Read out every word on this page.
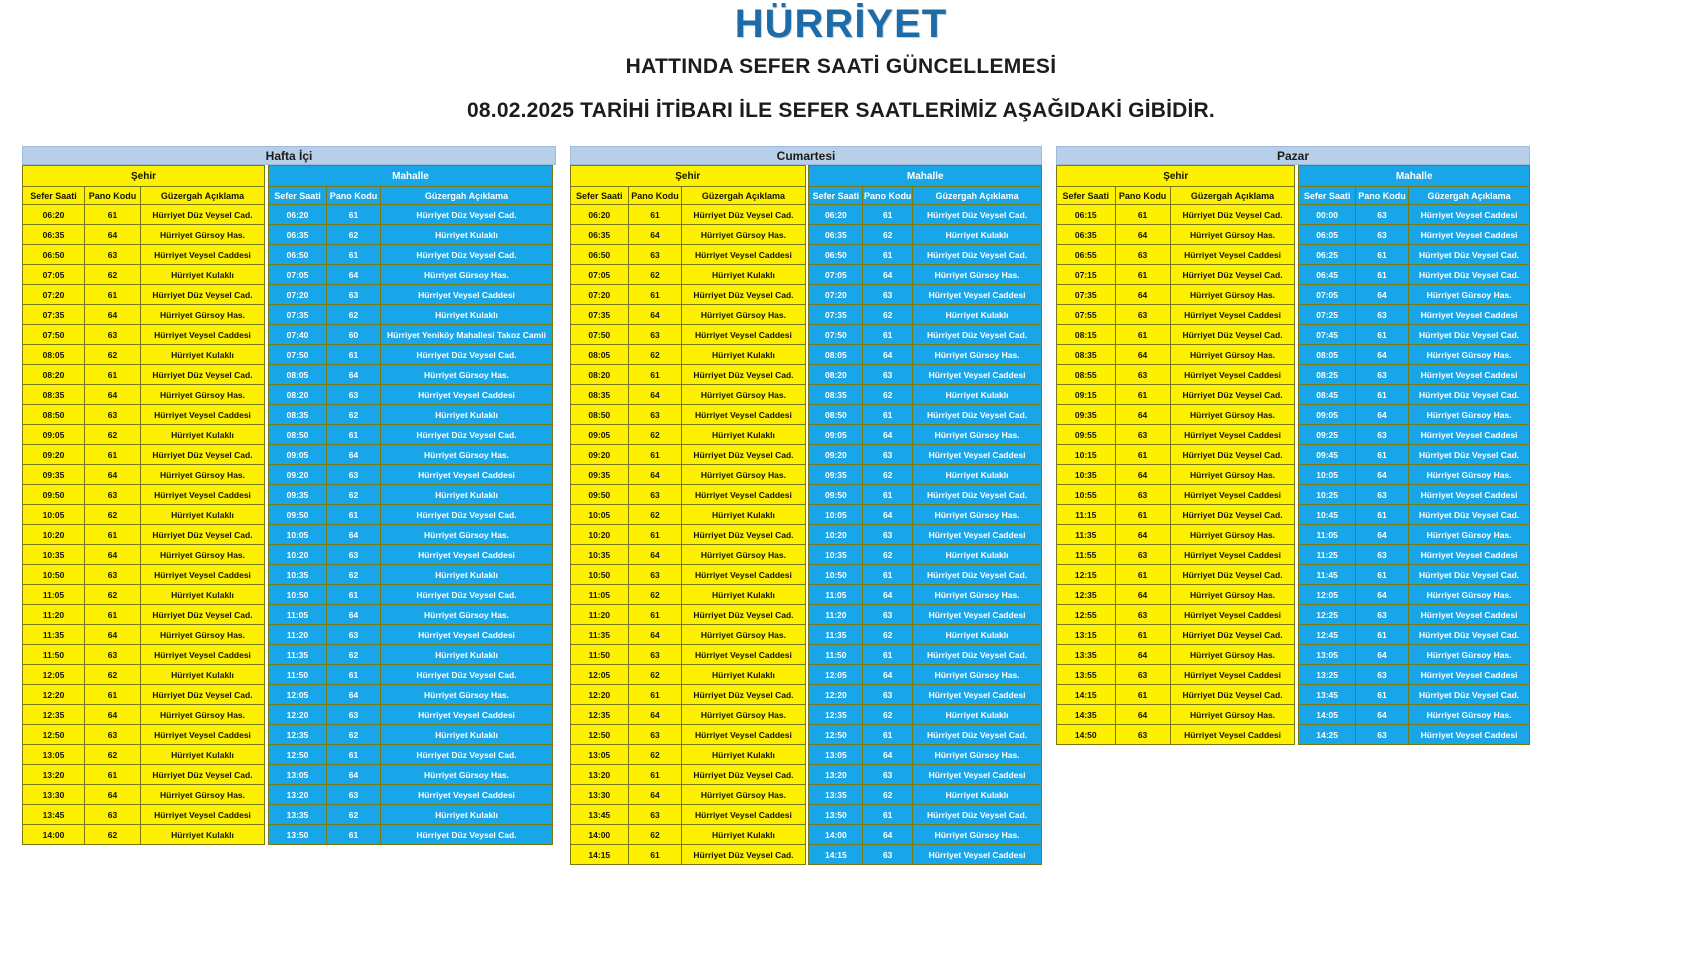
HÜRRİYET
HATTINDA SEFER SAATİ GÜNCELLEMESİ
08.02.2025 TARİHİ İTİBARI İLE SEFER SAATLERİMİZ AŞAĞIDAKİ GİBİDİR.
Hafta İçi
Şehir		
Sefer Saati	Pano Kodu	Güzergah Açıklama
06:20	61	Hürriyet Düz Veysel Cad.
06:35	64	Hürriyet Gürsoy Has.
06:50	63	Hürriyet Veysel Caddesi
07:05	62	Hürriyet Kulaklı
07:20	61	Hürriyet Düz Veysel Cad.
07:35	64	Hürriyet Gürsoy Has.
07:50	63	Hürriyet Veysel Caddesi
08:05	62	Hürriyet Kulaklı
08:20	61	Hürriyet Düz Veysel Cad.
08:35	64	Hürriyet Gürsoy Has.
08:50	63	Hürriyet Veysel Caddesi
09:05	62	Hürriyet Kulaklı
09:20	61	Hürriyet Düz Veysel Cad.
09:35	64	Hürriyet Gürsoy Has.
09:50	63	Hürriyet Veysel Caddesi
10:05	62	Hürriyet Kulaklı
10:20	61	Hürriyet Düz Veysel Cad.
10:35	64	Hürriyet Gürsoy Has.
10:50	63	Hürriyet Veysel Caddesi
11:05	62	Hürriyet Kulaklı
11:20	61	Hürriyet Düz Veysel Cad.
11:35	64	Hürriyet Gürsoy Has.
11:50	63	Hürriyet Veysel Caddesi
12:05	62	Hürriyet Kulaklı
12:20	61	Hürriyet Düz Veysel Cad.
12:35	64	Hürriyet Gürsoy Has.
12:50	63	Hürriyet Veysel Caddesi
13:05	62	Hürriyet Kulaklı
13:20	61	Hürriyet Düz Veysel Cad.
13:30	64	Hürriyet Gürsoy Has.
13:45	63	Hürriyet Veysel Caddesi
14:00	62	Hürriyet Kulaklı
Mahalle		
Sefer Saati	Pano Kodu	Güzergah Açıklama
06:20	61	Hürriyet Düz Veysel Cad.
06:35	62	Hürriyet Kulaklı
06:50	61	Hürriyet Düz Veysel Cad.
07:05	64	Hürriyet Gürsoy Has.
07:20	63	Hürriyet Veysel Caddesi
07:35	62	Hürriyet Kulaklı
07:40	60	Hürriyet Yeniköy Mahallesi Takoz Camii
07:50	61	Hürriyet Düz Veysel Cad.
08:05	64	Hürriyet Gürsoy Has.
08:20	63	Hürriyet Veysel Caddesi
08:35	62	Hürriyet Kulaklı
08:50	61	Hürriyet Düz Veysel Cad.
09:05	64	Hürriyet Gürsoy Has.
09:20	63	Hürriyet Veysel Caddesi
09:35	62	Hürriyet Kulaklı
09:50	61	Hürriyet Düz Veysel Cad.
10:05	64	Hürriyet Gürsoy Has.
10:20	63	Hürriyet Veysel Caddesi
10:35	62	Hürriyet Kulaklı
10:50	61	Hürriyet Düz Veysel Cad.
11:05	64	Hürriyet Gürsoy Has.
11:20	63	Hürriyet Veysel Caddesi
11:35	62	Hürriyet Kulaklı
11:50	61	Hürriyet Düz Veysel Cad.
12:05	64	Hürriyet Gürsoy Has.
12:20	63	Hürriyet Veysel Caddesi
12:35	62	Hürriyet Kulaklı
12:50	61	Hürriyet Düz Veysel Cad.
13:05	64	Hürriyet Gürsoy Has.
13:20	63	Hürriyet Veysel Caddesi
13:35	62	Hürriyet Kulaklı
13:50	61	Hürriyet Düz Veysel Cad.
Cumartesi
Şehir		
Sefer Saati	Pano Kodu	Güzergah Açıklama
06:20	61	Hürriyet Düz Veysel Cad.
06:35	64	Hürriyet Gürsoy Has.
06:50	63	Hürriyet Veysel Caddesi
07:05	62	Hürriyet Kulaklı
07:20	61	Hürriyet Düz Veysel Cad.
07:35	64	Hürriyet Gürsoy Has.
07:50	63	Hürriyet Veysel Caddesi
08:05	62	Hürriyet Kulaklı
08:20	61	Hürriyet Düz Veysel Cad.
08:35	64	Hürriyet Gürsoy Has.
08:50	63	Hürriyet Veysel Caddesi
09:05	62	Hürriyet Kulaklı
09:20	61	Hürriyet Düz Veysel Cad.
09:35	64	Hürriyet Gürsoy Has.
09:50	63	Hürriyet Veysel Caddesi
10:05	62	Hürriyet Kulaklı
10:20	61	Hürriyet Düz Veysel Cad.
10:35	64	Hürriyet Gürsoy Has.
10:50	63	Hürriyet Veysel Caddesi
11:05	62	Hürriyet Kulaklı
11:20	61	Hürriyet Düz Veysel Cad.
11:35	64	Hürriyet Gürsoy Has.
11:50	63	Hürriyet Veysel Caddesi
12:05	62	Hürriyet Kulaklı
12:20	61	Hürriyet Düz Veysel Cad.
12:35	64	Hürriyet Gürsoy Has.
12:50	63	Hürriyet Veysel Caddesi
13:05	62	Hürriyet Kulaklı
13:20	61	Hürriyet Düz Veysel Cad.
13:30	64	Hürriyet Gürsoy Has.
13:45	63	Hürriyet Veysel Caddesi
14:00	62	Hürriyet Kulaklı
14:15	61	Hürriyet Düz Veysel Cad.
Mahalle		
Sefer Saati	Pano Kodu	Güzergah Açıklama
06:20	61	Hürriyet Düz Veysel Cad.
06:35	62	Hürriyet Kulaklı
06:50	61	Hürriyet Düz Veysel Cad.
07:05	64	Hürriyet Gürsoy Has.
07:20	63	Hürriyet Veysel Caddesi
07:35	62	Hürriyet Kulaklı
07:50	61	Hürriyet Düz Veysel Cad.
08:05	64	Hürriyet Gürsoy Has.
08:20	63	Hürriyet Veysel Caddesi
08:35	62	Hürriyet Kulaklı
08:50	61	Hürriyet Düz Veysel Cad.
09:05	64	Hürriyet Gürsoy Has.
09:20	63	Hürriyet Veysel Caddesi
09:35	62	Hürriyet Kulaklı
09:50	61	Hürriyet Düz Veysel Cad.
10:05	64	Hürriyet Gürsoy Has.
10:20	63	Hürriyet Veysel Caddesi
10:35	62	Hürriyet Kulaklı
10:50	61	Hürriyet Düz Veysel Cad.
11:05	64	Hürriyet Gürsoy Has.
11:20	63	Hürriyet Veysel Caddesi
11:35	62	Hürriyet Kulaklı
11:50	61	Hürriyet Düz Veysel Cad.
12:05	64	Hürriyet Gürsoy Has.
12:20	63	Hürriyet Veysel Caddesi
12:35	62	Hürriyet Kulaklı
12:50	61	Hürriyet Düz Veysel Cad.
13:05	64	Hürriyet Gürsoy Has.
13:20	63	Hürriyet Veysel Caddesi
13:35	62	Hürriyet Kulaklı
13:50	61	Hürriyet Düz Veysel Cad.
14:00	64	Hürriyet Gürsoy Has.
14:15	63	Hürriyet Veysel Caddesi
Pazar
Şehir		
Sefer Saati	Pano Kodu	Güzergah Açıklama
06:15	61	Hürriyet Düz Veysel Cad.
06:35	64	Hürriyet Gürsoy Has.
06:55	63	Hürriyet Veysel Caddesi
07:15	61	Hürriyet Düz Veysel Cad.
07:35	64	Hürriyet Gürsoy Has.
07:55	63	Hürriyet Veysel Caddesi
08:15	61	Hürriyet Düz Veysel Cad.
08:35	64	Hürriyet Gürsoy Has.
08:55	63	Hürriyet Veysel Caddesi
09:15	61	Hürriyet Düz Veysel Cad.
09:35	64	Hürriyet Gürsoy Has.
09:55	63	Hürriyet Veysel Caddesi
10:15	61	Hürriyet Düz Veysel Cad.
10:35	64	Hürriyet Gürsoy Has.
10:55	63	Hürriyet Veysel Caddesi
11:15	61	Hürriyet Düz Veysel Cad.
11:35	64	Hürriyet Gürsoy Has.
11:55	63	Hürriyet Veysel Caddesi
12:15	61	Hürriyet Düz Veysel Cad.
12:35	64	Hürriyet Gürsoy Has.
12:55	63	Hürriyet Veysel Caddesi
13:15	61	Hürriyet Düz Veysel Cad.
13:35	64	Hürriyet Gürsoy Has.
13:55	63	Hürriyet Veysel Caddesi
14:15	61	Hürriyet Düz Veysel Cad.
14:35	64	Hürriyet Gürsoy Has.
14:50	63	Hürriyet Veysel Caddesi
Mahalle		
Sefer Saati	Pano Kodu	Güzergah Açıklama
00:00	63	Hürriyet Veysel Caddesi
06:05	63	Hürriyet Veysel Caddesi
06:25	61	Hürriyet Düz Veysel Cad.
06:45	61	Hürriyet Düz Veysel Cad.
07:05	64	Hürriyet Gürsoy Has.
07:25	63	Hürriyet Veysel Caddesi
07:45	61	Hürriyet Düz Veysel Cad.
08:05	64	Hürriyet Gürsoy Has.
08:25	63	Hürriyet Veysel Caddesi
08:45	61	Hürriyet Düz Veysel Cad.
09:05	64	Hürriyet Gürsoy Has.
09:25	63	Hürriyet Veysel Caddesi
09:45	61	Hürriyet Düz Veysel Cad.
10:05	64	Hürriyet Gürsoy Has.
10:25	63	Hürriyet Veysel Caddesi
10:45	61	Hürriyet Düz Veysel Cad.
11:05	64	Hürriyet Gürsoy Has.
11:25	63	Hürriyet Veysel Caddesi
11:45	61	Hürriyet Düz Veysel Cad.
12:05	64	Hürriyet Gürsoy Has.
12:25	63	Hürriyet Veysel Caddesi
12:45	61	Hürriyet Düz Veysel Cad.
13:05	64	Hürriyet Gürsoy Has.
13:25	63	Hürriyet Veysel Caddesi
13:45	61	Hürriyet Düz Veysel Cad.
14:05	64	Hürriyet Gürsoy Has.
14:25	63	Hürriyet Veysel Caddesi
